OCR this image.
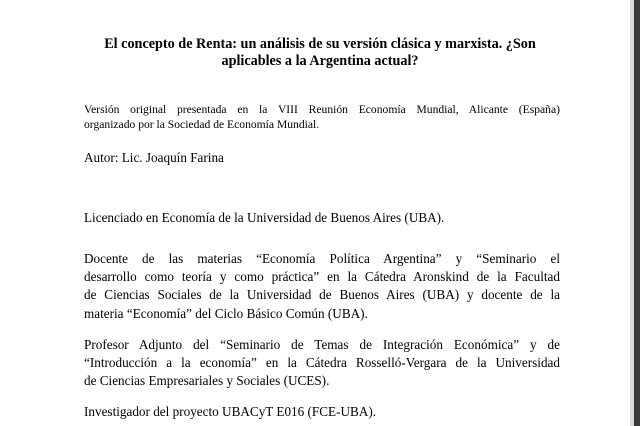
El concepto de Renta: un análisis de su versión clásica y marxista. ¿Son
aplicables a la Argentina actual?

Versión original presentada en la VIII Reunión Economía Mundial, Alicante (España)
organizado por la Sociedad de Economía Mundial.

Autor: Lic. Joaquín Farina

Licenciado en Economía de la Universidad de Buenos Aires (UBA).

Docente de las materias “Economía Política Argentina” y “Seminario el
desarrollo como teoría y como práctica” en la Cátedra Aronskind de la Facultad
de Ciencias Sociales de la Universidad de Buenos Aires (UBA) y docente de la
materia “Economía” del Ciclo Básico Común (UBA).

Profesor Adjunto del “Seminario de Temas de Integración Económica” y de
“Introducción a la economía” en la Cátedra Rosselló-Vergara de la Universidad
de Ciencias Empresariales y Sociales (UCES).

Investigador del proyecto UBACyT E016 (FCE-UBA).
